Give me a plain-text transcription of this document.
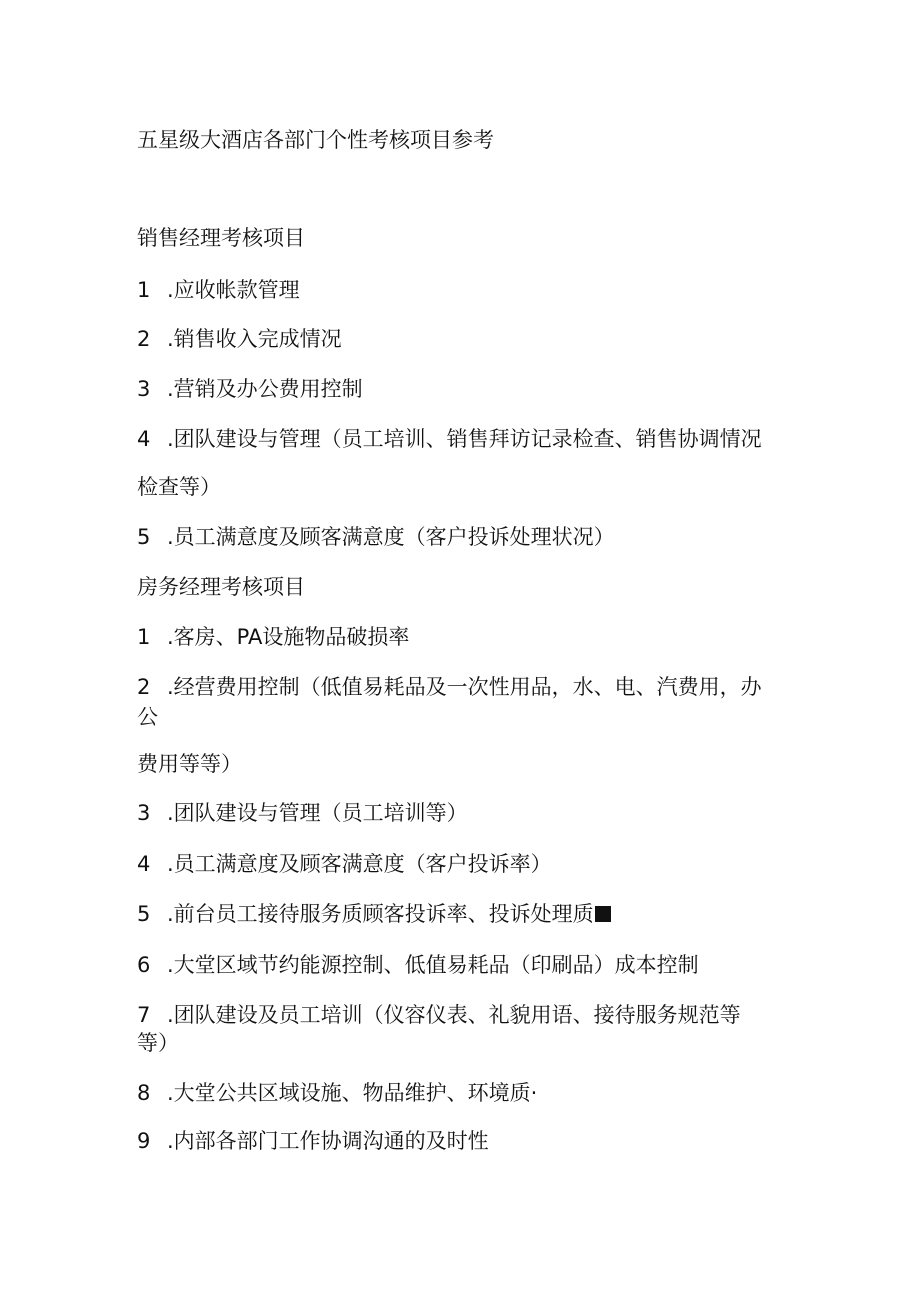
五星级大酒店各部门个性考核项目参考
销售经理考核项目
1 .应收帐款管理
2 .销售收入完成情况
3 .营销及办公费用控制
4 .团队建设与管理（员工培训、销售拜访记录检查、销售协调情况
检查等）
5 .员工满意度及顾客满意度（客户投诉处理状况）
房务经理考核项目
1 .客房、PA设施物品破损率
2 .经营费用控制（低值易耗品及一次性用品，水、电、汽费用，办
公
费用等等）
3 .团队建设与管理（员工培训等）
4 .员工满意度及顾客满意度（客户投诉率）
5 .前台员工接待服务质顾客投诉率、投诉处理质
6 .大堂区域节约能源控制、低值易耗品（印刷品）成本控制
7 .团队建设及员工培训（仪容仪表、礼貌用语、接待服务规范等
等）
8 .大堂公共区域设施、物品维护、环境质·
9 .内部各部门工作协调沟通的及时性
